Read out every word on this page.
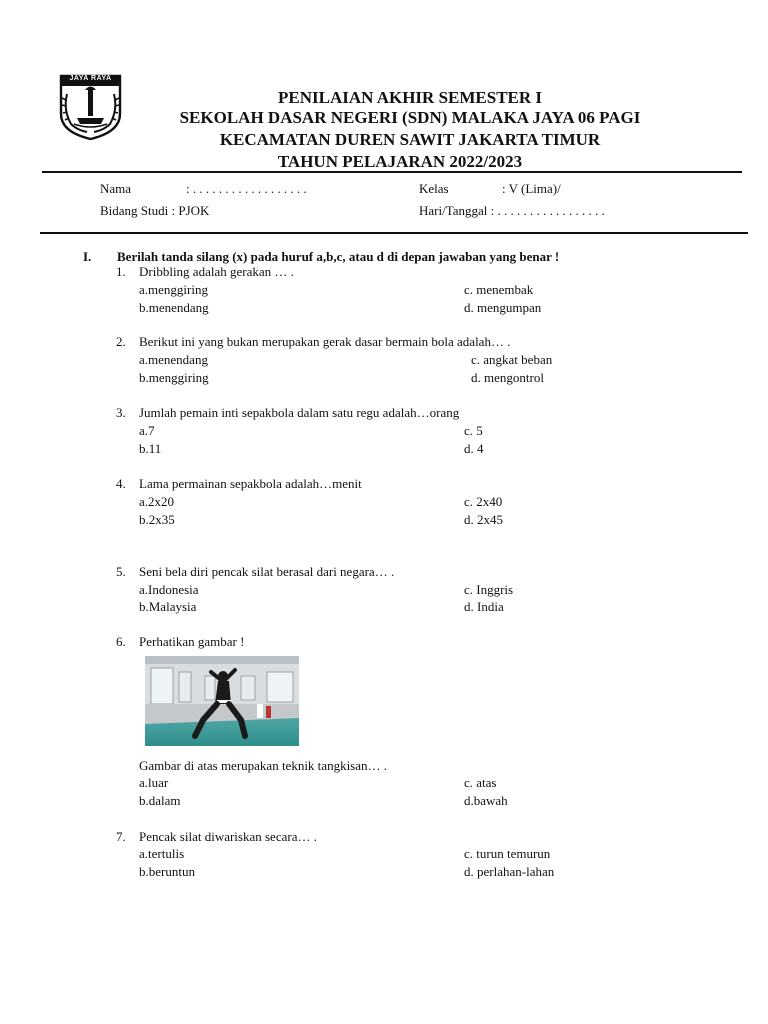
JAYA RAYA
PENILAIAN AKHIR SEMESTER I
SEKOLAH DASAR NEGERI (SDN) MALAKA JAYA 06 PAGI
KECAMATAN DUREN SAWIT JAKARTA TIMUR
TAHUN PELAJARAN 2022/2023
Nama	: . . . . . . . . . . . . . . . . . .	Kelas	: V (Lima)/
Bidang Studi : PJOK	Hari/Tanggal : . . . . . . . . . . . . . . . . .
I. Berilah tanda silang (x) pada huruf a,b,c, atau d di depan jawaban yang benar !
1. Dribbling adalah gerakan … .
a.menggiring	c. menembak
b.menendang	d. mengumpan
2. Berikut ini yang bukan merupakan gerak dasar bermain bola adalah… .
a.menendang	c. angkat beban
b.menggiring	d. mengontrol
3. Jumlah pemain inti sepakbola dalam satu regu adalah…orang
a.7	c. 5
b.11	d. 4
4. Lama permainan sepakbola adalah…menit
a.2x20	c. 2x40
b.2x35	d. 2x45
5. Seni bela diri pencak silat berasal dari negara… .
a.Indonesia	c. Inggris
b.Malaysia	d. India
6. Perhatikan gambar !
Gambar di atas merupakan teknik tangkisan… .
a.luar	c. atas
b.dalam	d.bawah
7. Pencak silat diwariskan secara… .
a.tertulis	c. turun temurun
b.beruntun	d. perlahan-lahan
